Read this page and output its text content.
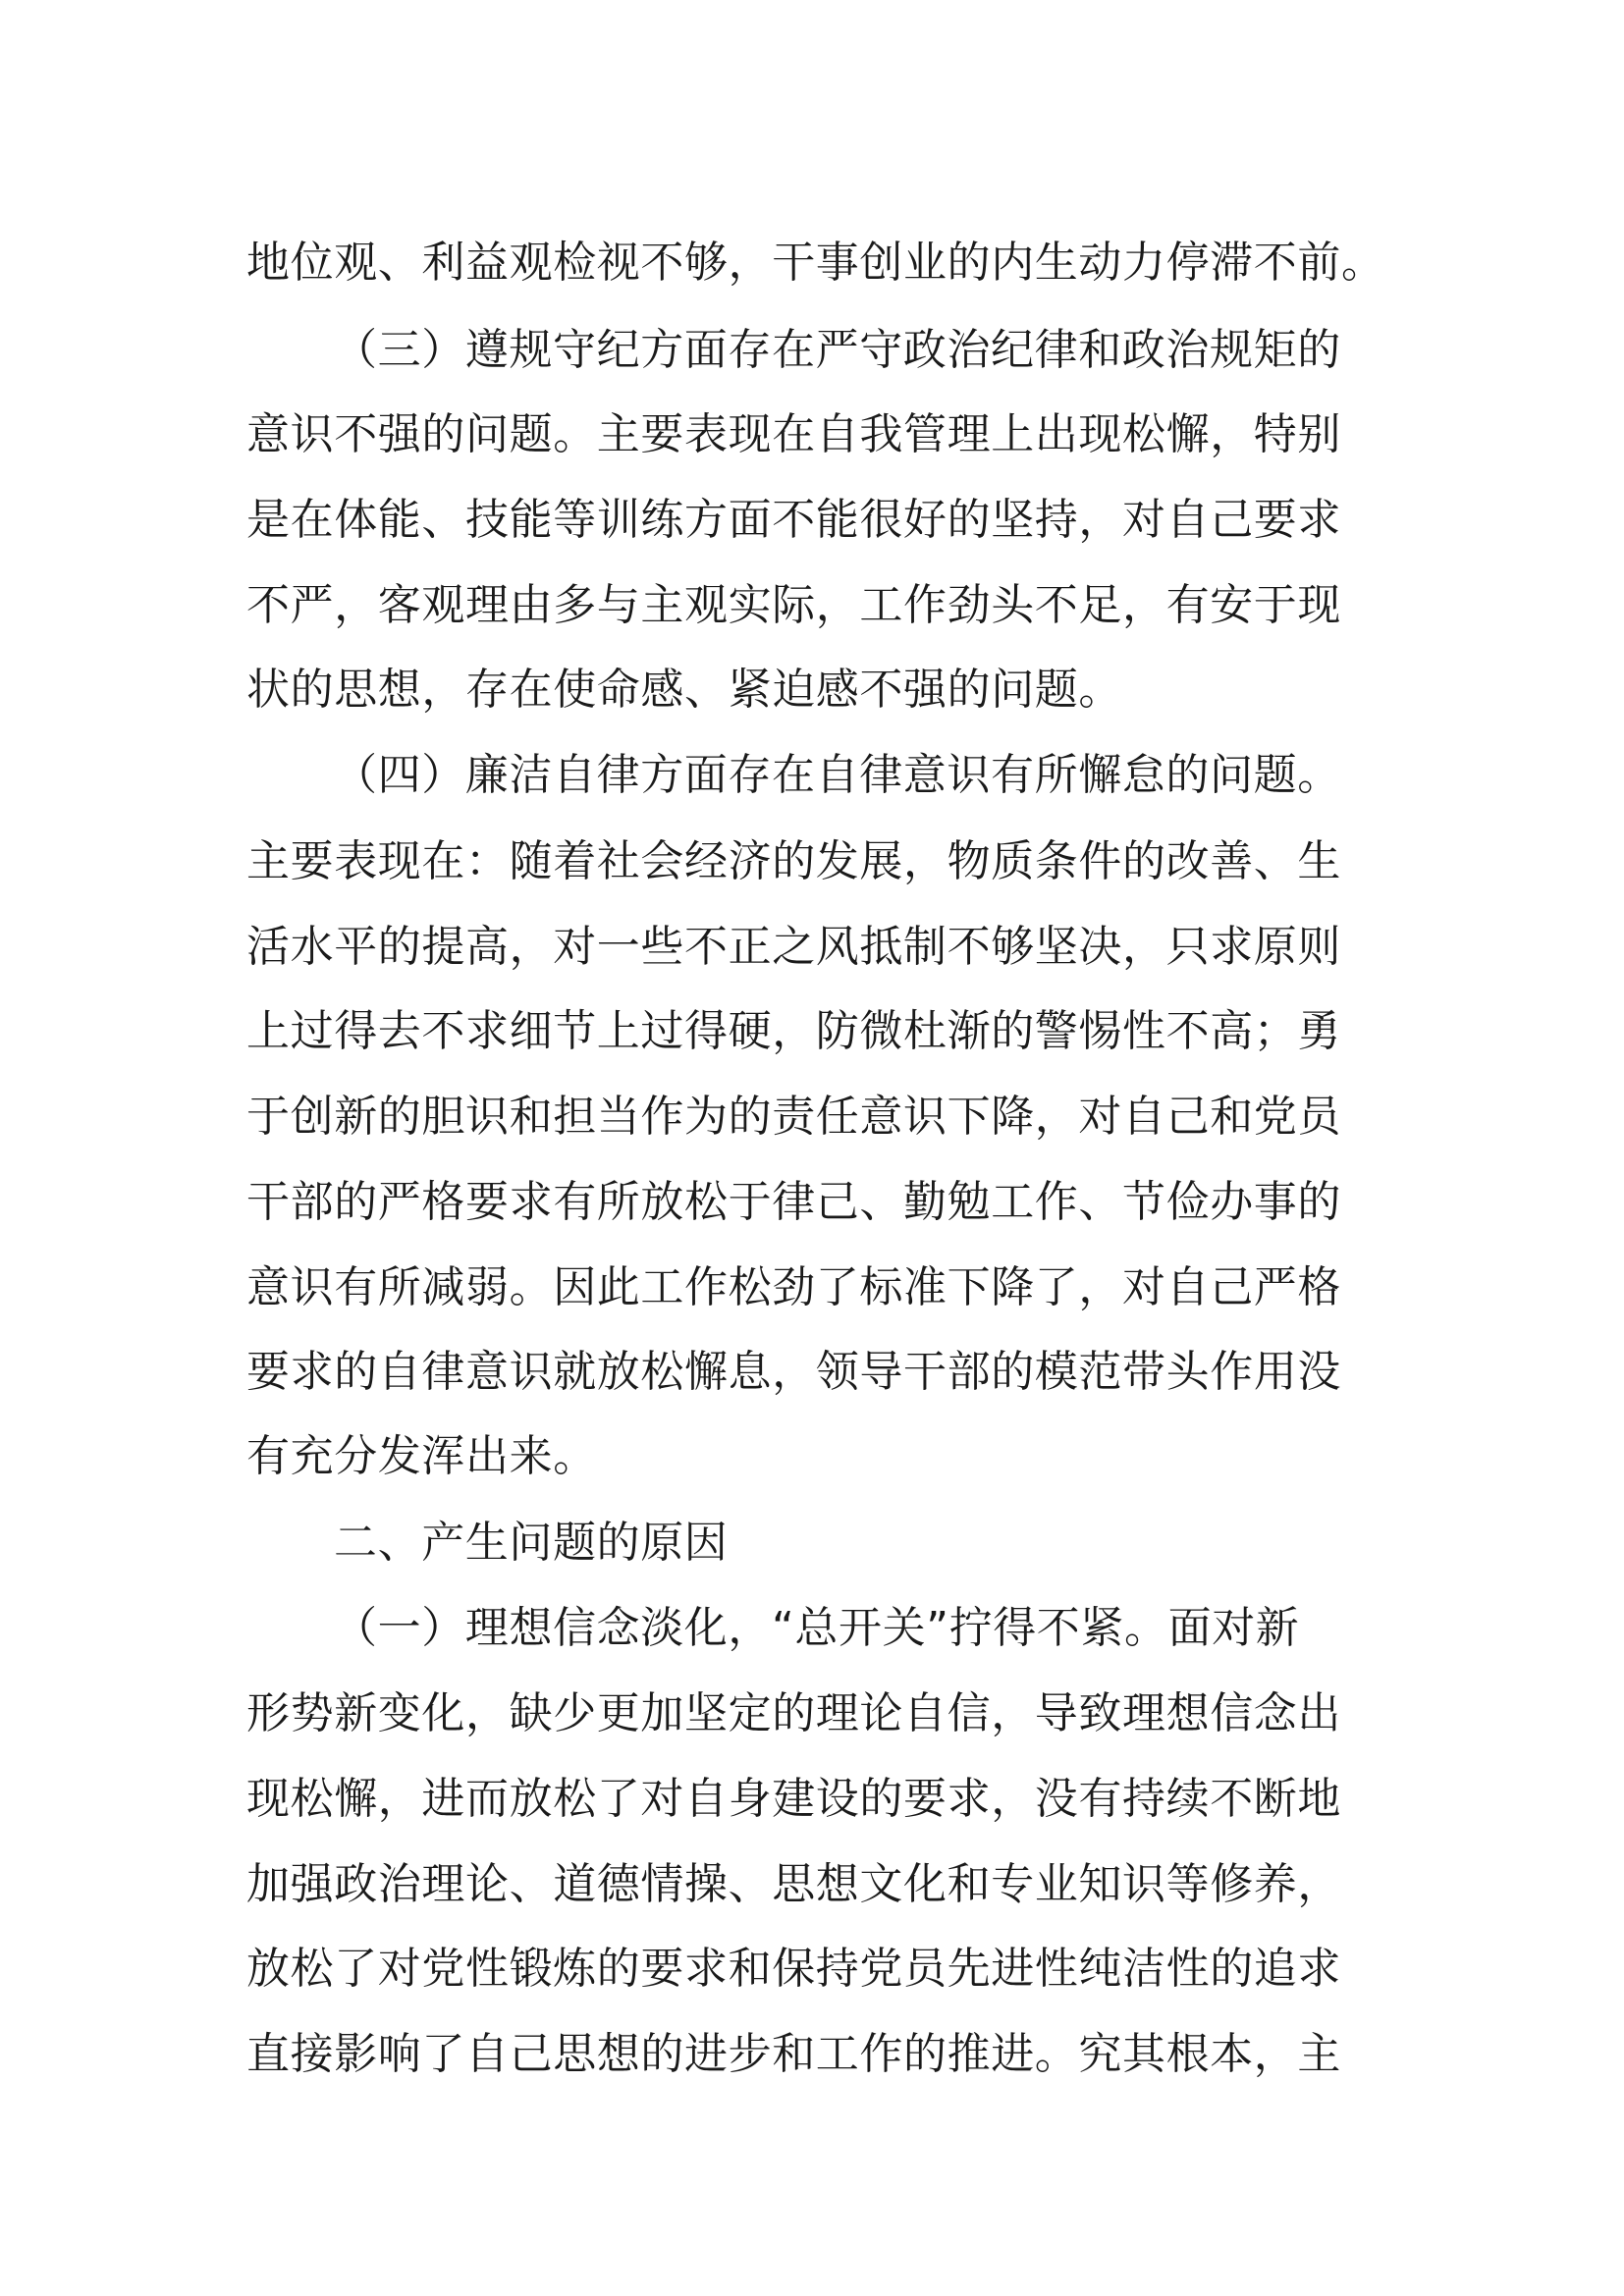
地位观、利益观检视不够，干事创业的内生动力停滞不前。

（三）遵规守纪方面存在严守政治纪律和政治规矩的

意识不强的问题。主要表现在自我管理上出现松懈，特别

是在体能、技能等训练方面不能很好的坚持，对自己要求

不严，客观理由多与主观实际，工作劲头不足，有安于现

状的思想，存在使命感、紧迫感不强的问题。

（四）廉洁自律方面存在自律意识有所懈怠的问题。

主要表现在：随着社会经济的发展，物质条件的改善、生

活水平的提高，对一些不正之风抵制不够坚决，只求原则

上过得去不求细节上过得硬，防微杜渐的警惕性不高；勇

于创新的胆识和担当作为的责任意识下降，对自己和党员

干部的严格要求有所放松于律己、勤勉工作、节俭办事的

意识有所减弱。因此工作松劲了标准下降了，对自己严格

要求的自律意识就放松懈息，领导干部的模范带头作用没

有充分发浑出来。

二、产生问题的原因

（一）理想信念淡化，“总开关”拧得不紧。面对新

形势新变化，缺少更加坚定的理论自信，导致理想信念出

现松懈，进而放松了对自身建设的要求，没有持续不断地

加强政治理论、道德情操、思想文化和专业知识等修养，

放松了对党性锻炼的要求和保持党员先进性纯洁性的追求

直接影响了自己思想的进步和工作的推进。究其根本，主
